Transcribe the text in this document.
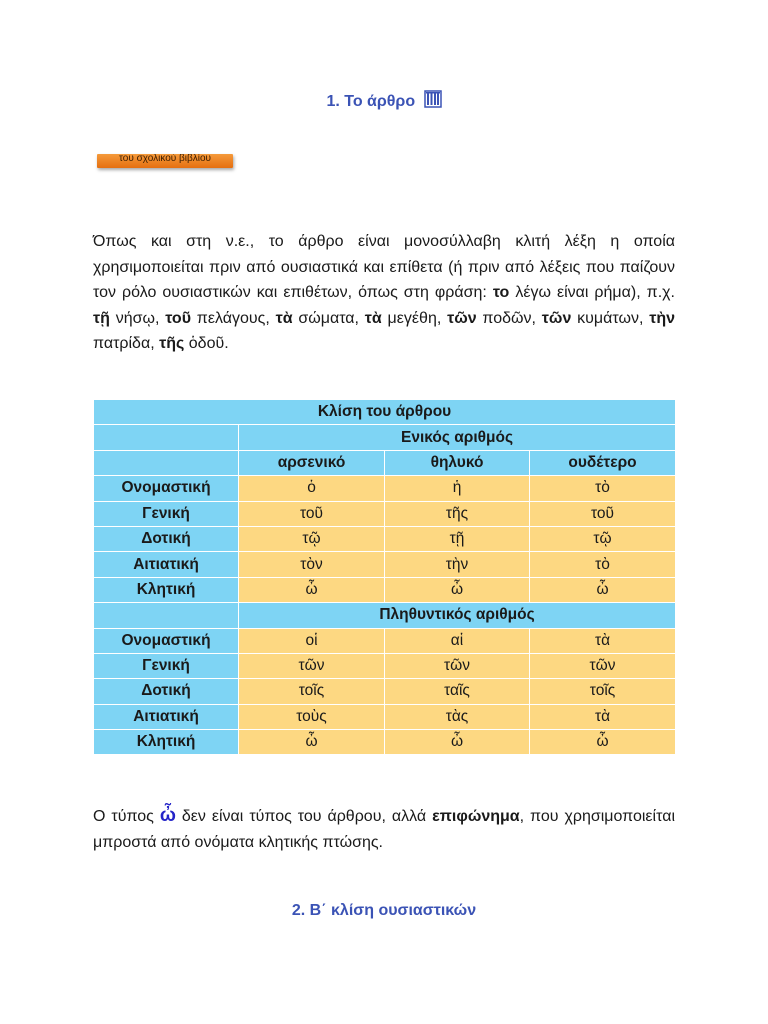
1. Το άρθρο
του σχολικού βιβλίου
Όπως και στη ν.ε., το άρθρο είναι μονοσύλλαβη κλιτή λέξη η οποία χρησιμοποιείται πριν από ουσιαστικά και επίθετα (ή πριν από λέξεις που παίζουν τον ρόλο ουσιαστικών και επιθέτων, όπως στη φράση: το λέγω είναι ρήμα), π.χ. τῇ νήσῳ, τοῦ πελάγους, τὰ σώματα, τὰ μεγέθη, τῶν ποδῶν, τῶν κυμάτων, τὴν πατρίδα, τῆς ὁδοῦ.
Κλίση του άρθρου			
	Ενικός αριθμός		
	αρσενικό	θηλυκό	ουδέτερο
Ονομαστική	ὁ	ἡ	τὸ
Γενική	τοῦ	τῆς	τοῦ
Δοτική	τῷ	τῇ	τῷ
Αιτιατική	τὸν	τὴν	τὸ
Κλητική	ὦ	ὦ	ὦ
	Πληθυντικός αριθμός		
Ονομαστική	οἱ	αἱ	τὰ
Γενική	τῶν	τῶν	τῶν
Δοτική	τοῖς	ταῖς	τοῖς
Αιτιατική	τοὺς	τὰς	τὰ
Κλητική	ὦ	ὦ	ὦ
Ο τύπος ὦ δεν είναι τύπος του άρθρου, αλλά επιφώνημα, που χρησιμοποιείται μπροστά από ονόματα κλητικής πτώσης.
2. Β΄ κλίση ουσιαστικών
